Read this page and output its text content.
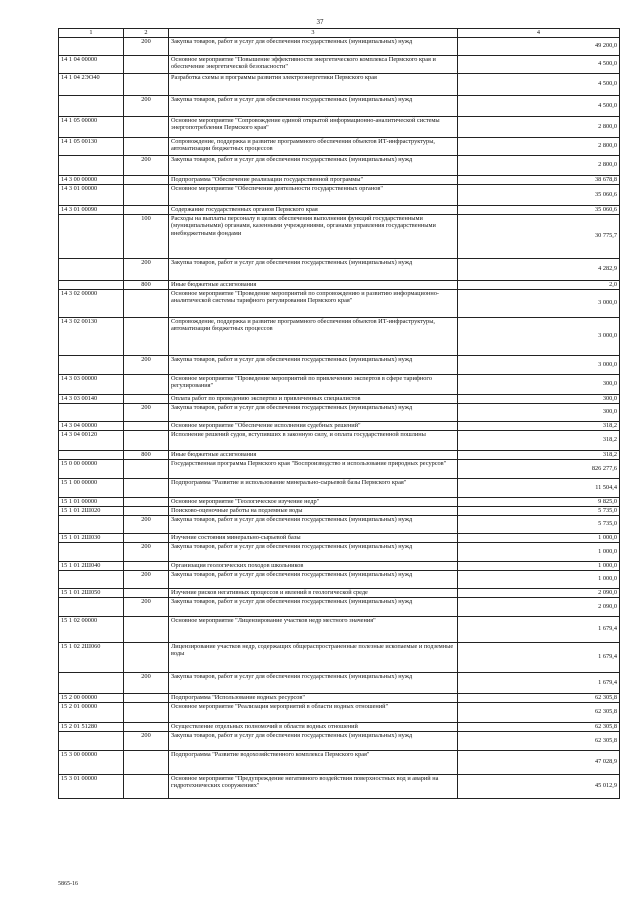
37
1	2	3	4
	200	Закупка товаров, работ и услуг для обеспечения государственных (муниципальных) нужд	49 200,0
14 1 04 00000		Основное мероприятие "Повышение эффективности энергетического комплекса Пермского края и обеспечение энергетической безопасности"	4 500,0
14 1 04 2ЭО40		Разработка схемы и программы развития электроэнергетики Пермского края	4 500,0
	200	Закупка товаров, работ и услуг для обеспечения государственных (муниципальных) нужд	4 500,0
14 1 05 00000		Основное мероприятие "Сопровождение единой открытой информационно-аналитической системы энергопотребления Пермского края"	2 800,0
14 1 05 00130		Сопровождение, поддержка и развитие программного обеспечения объектов ИТ-инфраструктуры, автоматизации бюджетных процессов	2 800,0
	200	Закупка товаров, работ и услуг для обеспечения государственных (муниципальных) нужд	2 800,0
14 3 00 00000		Подпрограмма "Обеспечение реализации государственной программы"	38 678,8
14 3 01 00000		Основное мероприятие "Обеспечение деятельности государственных органов"	35 060,6
14 3 01 00090		Содержание государственных органов Пермского края	35 060,6
	100	Расходы на выплаты персоналу в целях обеспечения выполнения функций государственными (муниципальными) органами, казенными учреждениями, органами управления государственными внебюджетными фондами	30 775,7
	200	Закупка товаров, работ и услуг для обеспечения государственных (муниципальных) нужд	4 282,9
	800	Иные бюджетные ассигнования	2,0
14 3 02 00000		Основное мероприятие "Проведение мероприятий по сопровождению и развитию информационно-аналитической системы тарифного регулирования Пермского края"	3 000,0
14 3 02 00130		Сопровождение, поддержка и развитие программного обеспечения объектов ИТ-инфраструктуры, автоматизации бюджетных процессов	3 000,0
	200	Закупка товаров, работ и услуг для обеспечения государственных (муниципальных) нужд	3 000,0
14 3 03 00000		Основное мероприятие "Проведение мероприятий по привлечению экспертов в сфере тарифного регулирования"	300,0
14 3 03 00140		Оплата работ по проведению экспертиз и привлеченных специалистов	300,0
	200	Закупка товаров, работ и услуг для обеспечения государственных (муниципальных) нужд	300,0
14 3 04 00000		Основное мероприятие "Обеспечение исполнения судебных решений"	318,2
14 3 04 00120		Исполнение решений судов, вступивших в законную силу, и оплата государственной пошлины	318,2
	800	Иные бюджетные ассигнования	318,2
15 0 00 00000		Государственная программа Пермского края "Воспроизводство и использование природных ресурсов"	826 277,6
15 1 00 00000		Подпрограмма "Развитие и использование минерально-сырьевой базы Пермского края"	11 504,4
15 1 01 00000		Основное мероприятие "Геологическое изучение недр"	9 825,0
15 1 01 2Ш020		Поисково-оценочные работы на подземные воды	5 735,0
	200	Закупка товаров, работ и услуг для обеспечения государственных (муниципальных) нужд	5 735,0
15 1 01 2Ш030		Изучение состояния минерально-сырьевой базы	1 000,0
	200	Закупка товаров, работ и услуг для обеспечения государственных (муниципальных) нужд	1 000,0
15 1 01 2Ш040		Организация геологических походов школьников	1 000,0
	200	Закупка товаров, работ и услуг для обеспечения государственных (муниципальных) нужд	1 000,0
15 1 01 2Ш050		Изучение рисков негативных процессов и явлений в геологической среде	2 090,0
	200	Закупка товаров, работ и услуг для обеспечения государственных (муниципальных) нужд	2 090,0
15 1 02 00000		Основное мероприятие "Лицензирование участков недр местного значения"	1 679,4
15 1 02 2Ш060		Лицензирование участков недр, содержащих общераспространенные полезные ископаемые и подземные воды	1 679,4
	200	Закупка товаров, работ и услуг для обеспечения государственных (муниципальных) нужд	1 679,4
15 2 00 00000		Подпрограмма "Использование водных ресурсов"	62 305,8
15 2 01 00000		Основное мероприятие "Реализация мероприятий в области водных отношений"	62 305,8
15 2 01 51280		Осуществление отдельных полномочий в области водных отношений	62 305,8
	200	Закупка товаров, работ и услуг для обеспечения государственных (муниципальных) нужд	62 305,8
15 3 00 00000		Подпрограмма "Развитие водохозяйственного комплекса Пермского края"	47 028,9
15 3 01 00000		Основное мероприятие "Предупреждение негативного воздействия поверхностных вод и аварий на гидротехнических сооружениях"	45 012,9
5865-16
